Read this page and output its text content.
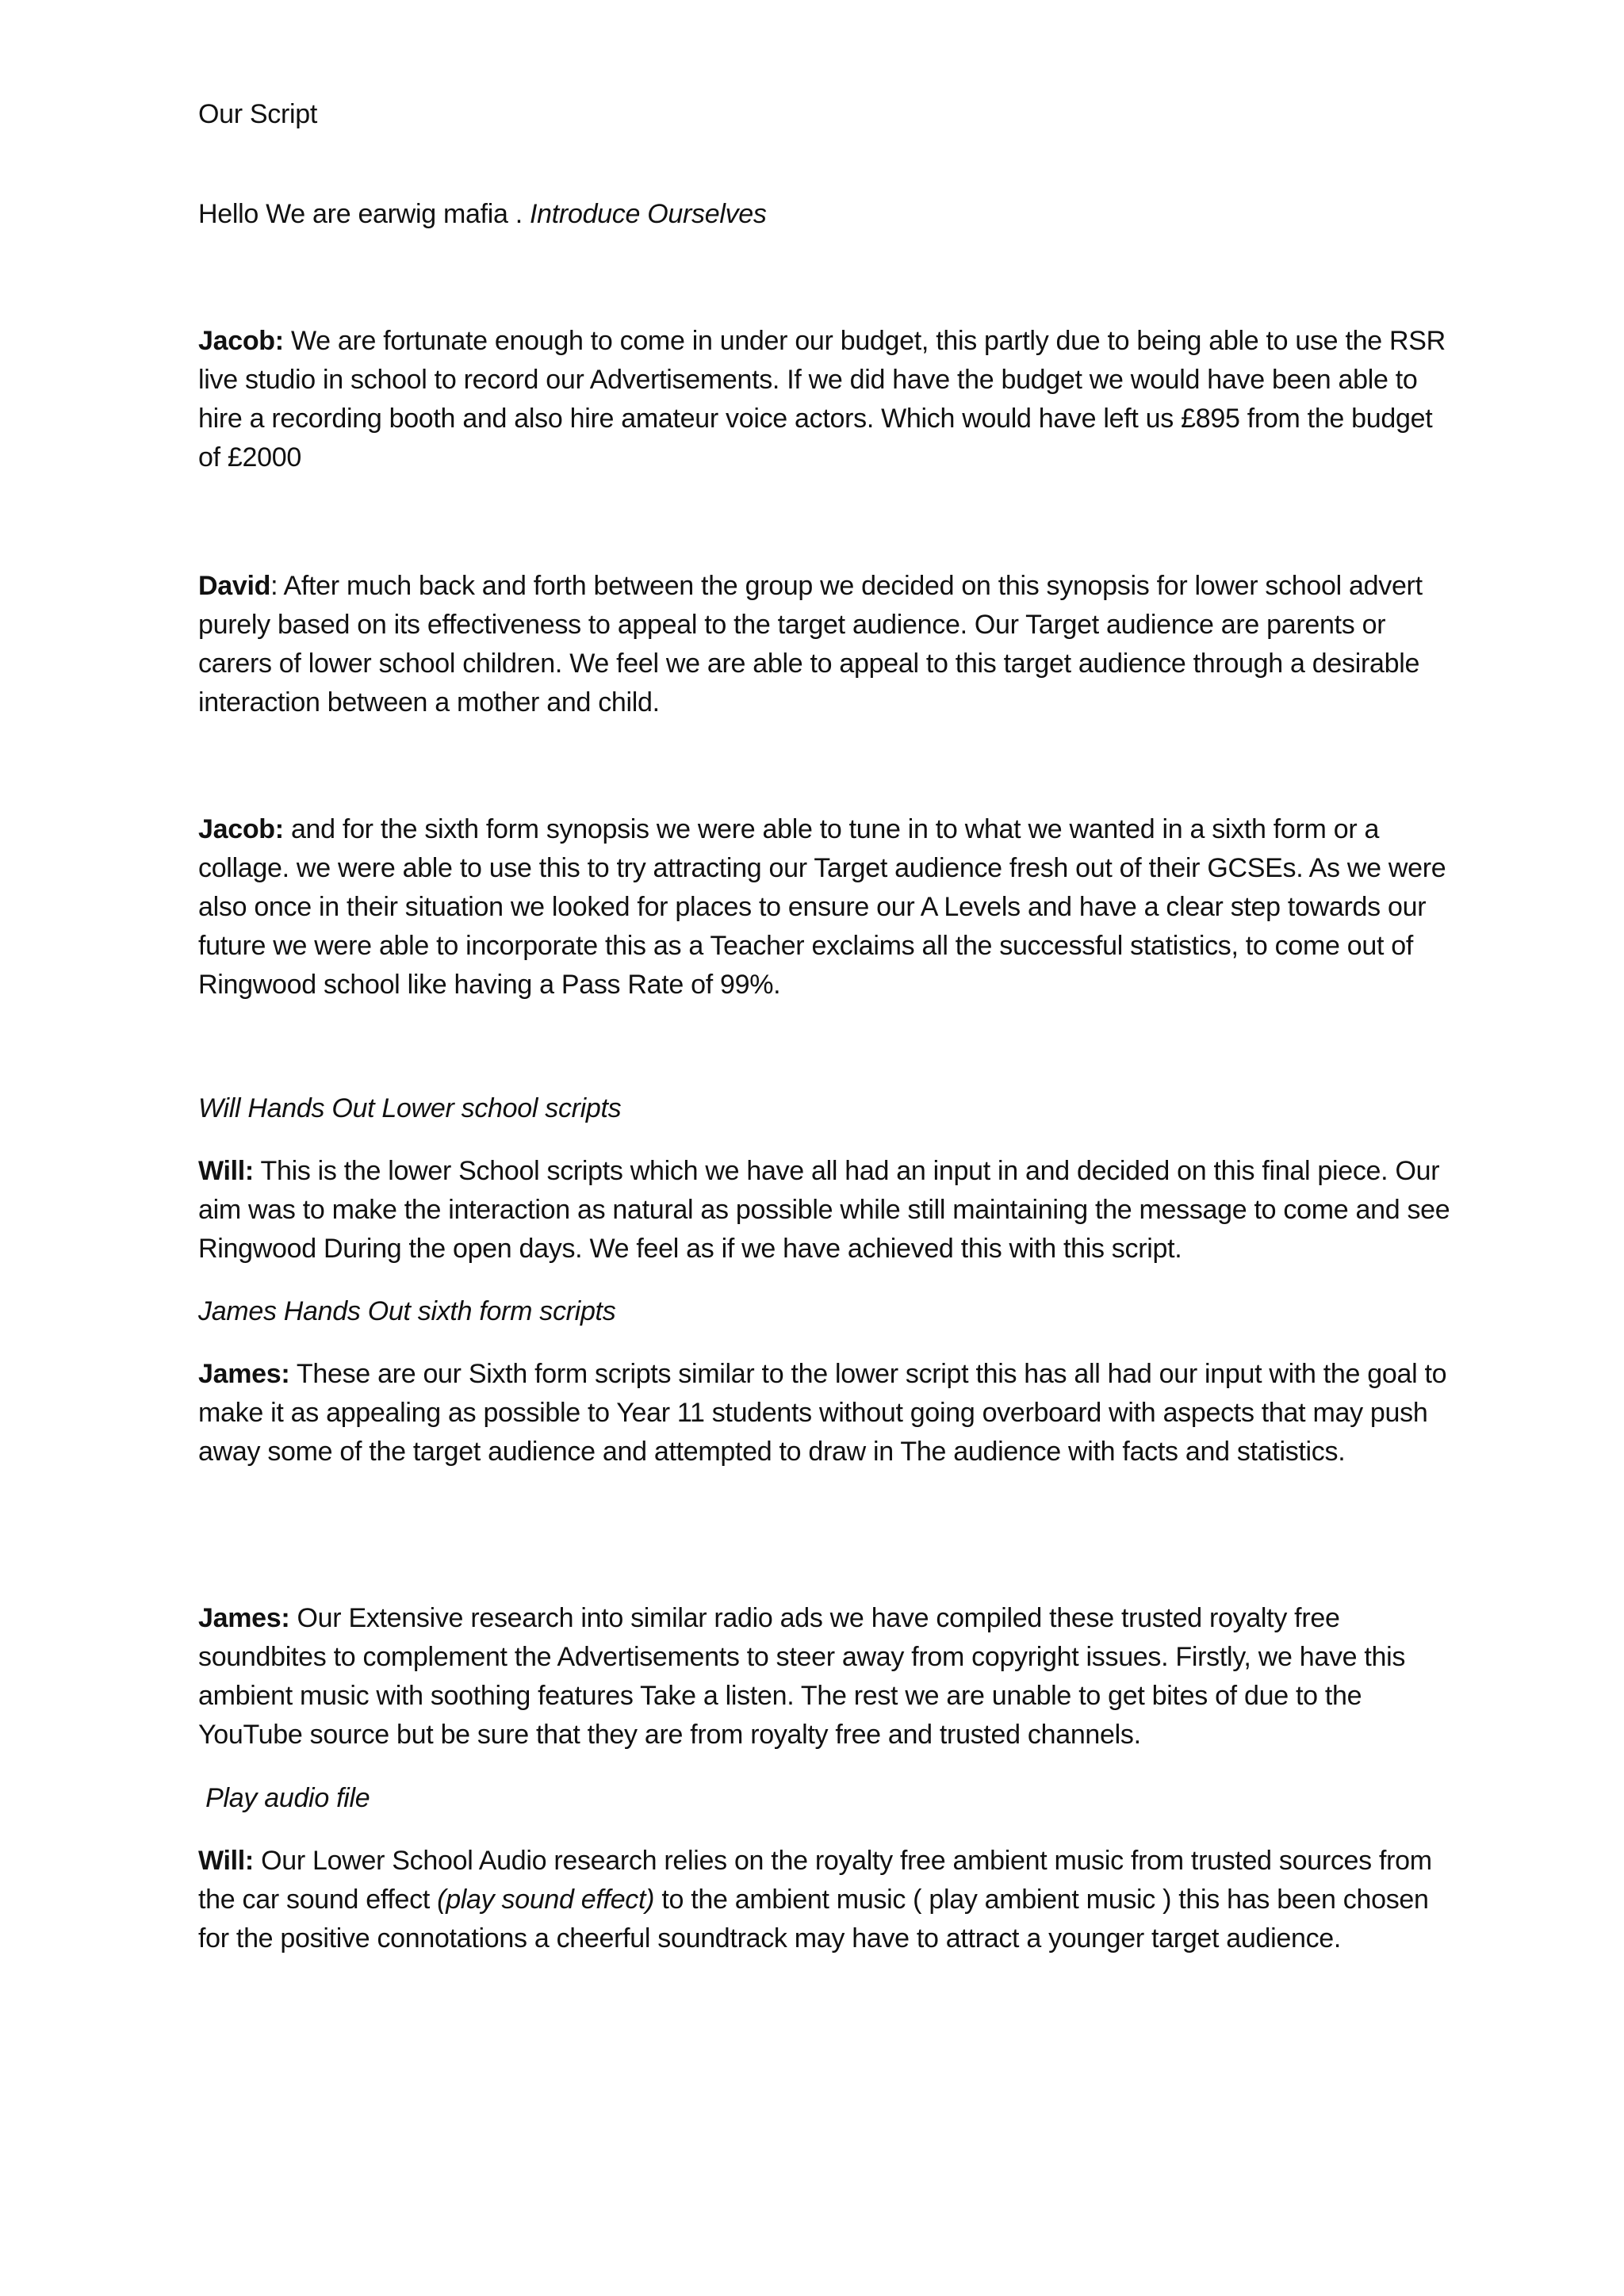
Our Script

Hello We are earwig mafia . Introduce Ourselves

Jacob: We are fortunate enough to come in under our budget, this partly due to being able to use the RSR live studio in school to record our Advertisements. If we did have the budget we would have been able to hire a recording booth and also hire amateur voice actors. Which would have left us £895 from the budget of £2000

David: After much back and forth between the group we decided on this synopsis for lower school advert purely based on its effectiveness to appeal to the target audience. Our Target audience are parents or carers of lower school children. We feel we are able to appeal to this target audience through a desirable interaction between a mother and child.

Jacob: and for the sixth form synopsis we were able to tune in to what we wanted in a sixth form or a collage. we were able to use this to try attracting our Target audience fresh out of their GCSEs. As we were also once in their situation we looked for places to ensure our A Levels and have a clear step towards our future we were able to incorporate this as a Teacher exclaims all the successful statistics, to come out of Ringwood school like having a Pass Rate of 99%.

Will Hands Out Lower school scripts

Will: This is the lower School scripts which we have all had an input in and decided on this final piece. Our aim was to make the interaction as natural as possible while still maintaining the message to come and see Ringwood During the open days. We feel as if we have achieved this with this script.

James Hands Out sixth form scripts

James: These are our Sixth form scripts similar to the lower script this has all had our input with the goal to make it as appealing as possible to Year 11 students without going overboard with aspects that may push away some of the target audience and attempted to draw in The audience with facts and statistics.

James: Our Extensive research into similar radio ads we have compiled these trusted royalty free soundbites to complement the Advertisements to steer away from copyright issues. Firstly, we have this ambient music with soothing features Take a listen. The rest we are unable to get bites of due to the YouTube source but be sure that they are from royalty free and trusted channels.

Play audio file

Will: Our Lower School Audio research relies on the royalty free ambient music from trusted sources from the car sound effect (play sound effect) to the ambient music ( play ambient music ) this has been chosen for the positive connotations a cheerful soundtrack may have to attract a younger target audience.
